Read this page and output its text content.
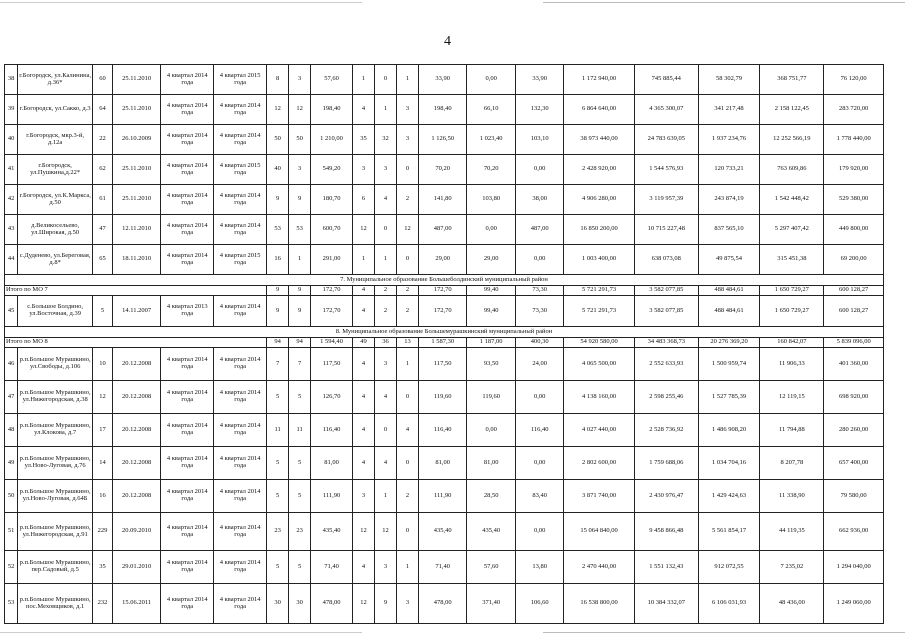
4
38	г.Богородск, ул.Калинина, д.36*	60	25.11.2010	4 квартал 2014 года	4 квартал 2015 года	8	3	57,60	1	0	1	33,90	0,00	33,90	1 172 940,00	745 885,44	58 302,79	368 751,77	76 120,00
39	г.Богородск, ул.Сакко, д.3	64	25.11.2010	4 квартал 2014 года	4 квартал 2014 года	12	12	198,40	4	1	3	198,40	66,10	132,30	6 864 640,00	4 365 300,07	341 217,48	2 158 122,45	283 720,00
40	г.Богородск, мкр.3-й, д.12а	22	26.10.2009	4 квартал 2014 года	4 квартал 2014 года	50	50	1 210,00	35	32	3	1 126,50	1 023,40	103,10	38 973 440,00	24 783 639,05	1 937 234,76	12 252 566,19	1 778 440,00
41	г.Богородск, ул.Пушкина,д.22*	62	25.11.2010	4 квартал 2014 года	4 квартал 2015 года	40	3	549,20	3	3	0	70,20	70,20	0,00	2 428 920,00	1 544 576,93	120 733,21	763 609,86	179 920,00
42	г.Богородск, ул.К.Маркса, д.50	61	25.11.2010	4 квартал 2014 года	4 квартал 2014 года	9	9	180,70	6	4	2	141,80	103,80	38,00	4 906 280,00	3 119 957,39	243 874,19	1 542 448,42	529 380,00
43	д.Великосельево, ул.Широкая, д.50	47	12.11.2010	4 квартал 2014 года	4 квартал 2014 года	53	53	600,70	12	0	12	487,00	0,00	487,00	16 850 200,00	10 715 227,48	837 565,10	5 297 407,42	449 800,00
44	с.Дуденево, ул.Береговая, д.8*	65	18.11.2010	4 квартал 2014 года	4 квартал 2015 года	16	1	291,00	1	1	0	29,00	29,00	0,00	1 003 400,00	638 073,08	49 875,54	315 451,38	69 200,00
7. Муниципальное образование Большеболдинский муниципальный район																			
Итого по МО 7						9	9	172,70	4	2	2	172,70	99,40	73,30	5 721 291,73	3 582 077,85	488 484,61	1 650 729,27	600 128,27
45	с.Большое Болдино, ул.Восточная, д.39	5	14.11.2007	4 квартал 2013 года	4 квартал 2014 года	9	9	172,70	4	2	2	172,70	99,40	73,30	5 721 291,73	3 582 077,85	488 484,61	1 650 729,27	600 128,27
8. Муниципальное образование Большемурашкинский муниципальный район																			
Итого по МО 8						94	94	1 594,40	49	36	13	1 587,30	1 187,00	400,30	54 920 580,00	34 483 368,73	20 276 369,20	160 842,07	5 839 096,00
46	р.п.Большое Мурашкино, ул.Свободы, д.106	10	20.12.2008	4 квартал 2014 года	4 квартал 2014 года	7	7	117,50	4	3	1	117,50	93,50	24,00	4 065 500,00	2 552 633,93	1 500 959,74	11 906,33	401 360,00
47	р.п.Большое Мурашкино, ул.Нижегородская, д.38	12	20.12.2008	4 квартал 2014 года	4 квартал 2014 года	5	5	126,70	4	4	0	119,60	119,60	0,00	4 138 160,00	2 598 255,46	1 527 785,39	12 119,15	698 920,00
48	р.п.Большое Мурашкино, ул.Клокова, д.7	17	20.12.2008	4 квартал 2014 года	4 квартал 2014 года	11	11	116,40	4	0	4	116,40	0,00	116,40	4 027 440,00	2 528 736,92	1 486 908,20	11 794,88	280 260,00
49	р.п.Большое Мурашкино, ул.Ново-Луговая, д.76	14	20.12.2008	4 квартал 2014 года	4 квартал 2014 года	5	5	81,00	4	4	0	81,00	81,00	0,00	2 802 600,00	1 759 688,06	1 034 704,16	8 207,78	657 400,00
50	р.п.Большое Мурашкино, ул.Ново-Луговая, д.64Б	16	20.12.2008	4 квартал 2014 года	4 квартал 2014 года	5	5	111,90	3	1	2	111,90	28,50	83,40	3 871 740,00	2 430 976,47	1 429 424,63	11 338,90	79 580,00
51	р.п.Большое Мурашкино, ул.Нижегородская, д.91	229	20.09.2010	4 квартал 2014 года	4 квартал 2014 года	23	23	435,40	12	12	0	435,40	435,40	0,00	15 064 840,00	9 458 866,48	5 561 854,17	44 119,35	662 936,00
52	р.п.Большое Мурашкино, пер.Садовый, д.5	35	29.01.2010	4 квартал 2014 года	4 квартал 2014 года	5	5	71,40	4	3	1	71,40	57,60	13,80	2 470 440,00	1 551 132,43	912 072,55	7 235,02	1 294 040,00
53	р.п.Большое Мурашкино, пос.Меховщиков, д.1	232	15.06.2011	4 квартал 2014 года	4 квартал 2014 года	30	30	478,00	12	9	3	478,00	371,40	106,60	16 538 800,00	10 384 332,07	6 106 031,93	48 436,00	1 249 060,00
